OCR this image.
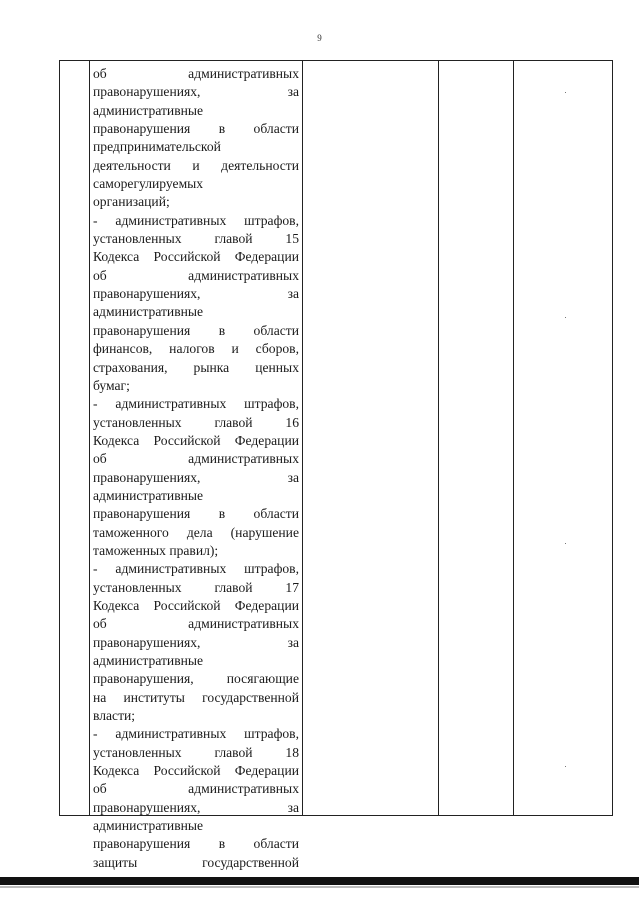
9
об административных
правонарушениях, за
административные
правонарушения в области
предпринимательской
деятельности и деятельности
саморегулируемых
организаций;
- административных штрафов,
установленных главой 15
Кодекса Российской Федерации
об административных
правонарушениях, за
административные
правонарушения в области
финансов, налогов и сборов,
страхования, рынка ценных
бумаг;
- административных штрафов,
установленных главой 16
Кодекса Российской Федерации
об административных
правонарушениях, за
административные
правонарушения в области
таможенного дела (нарушение
таможенных правил);
- административных штрафов,
установленных главой 17
Кодекса Российской Федерации
об административных
правонарушениях, за
административные
правонарушения, посягающие
на институты государственной
власти;
- административных штрафов,
установленных главой 18
Кодекса Российской Федерации
об административных
правонарушениях, за
административные
правонарушения в области
защиты государственной
